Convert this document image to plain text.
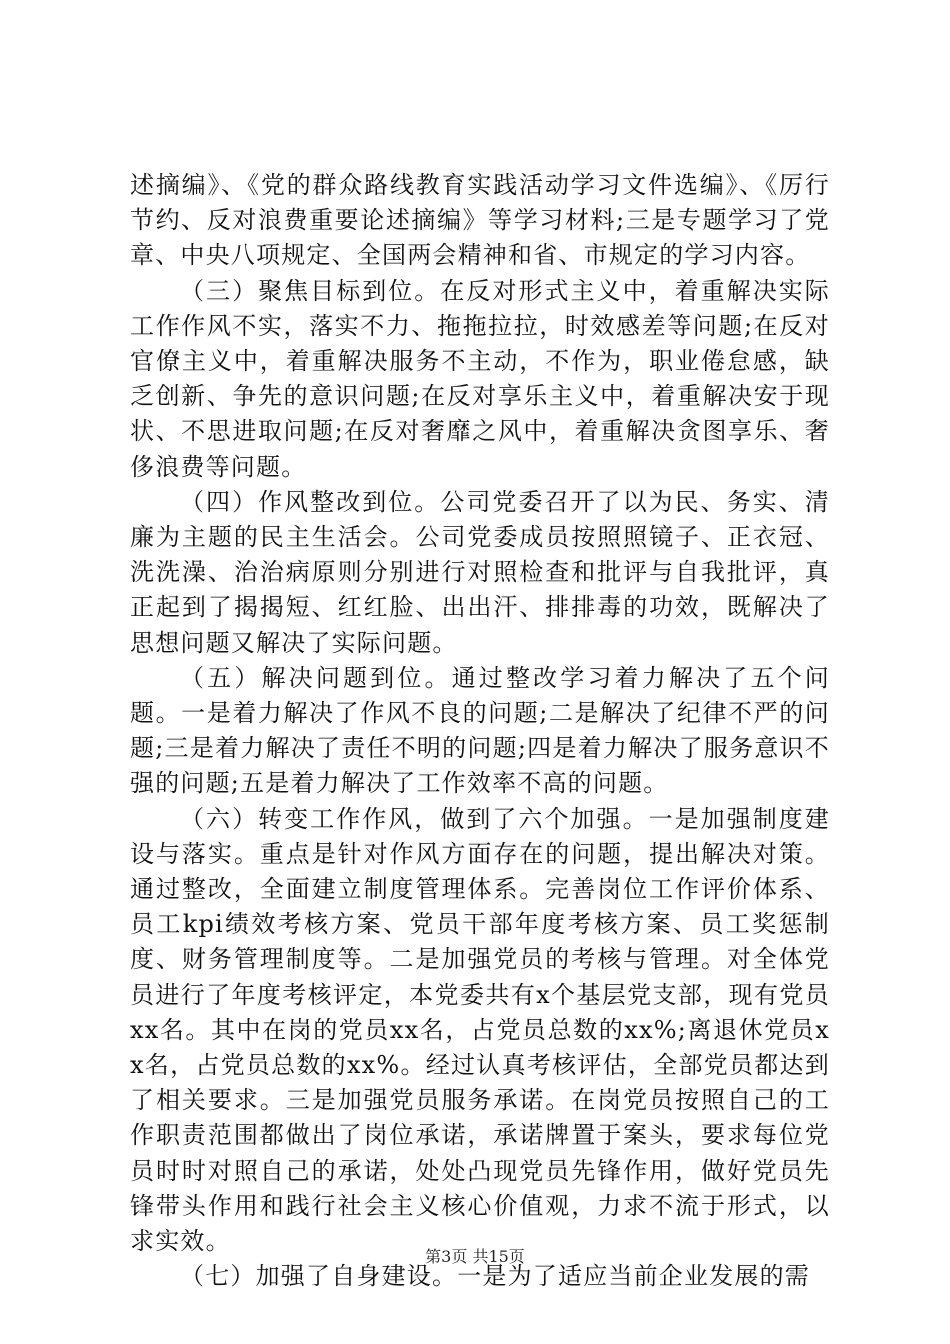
述摘编》、《党的群众路线教育实践活动学习文件选编》、《厉行节约、反对浪费重要论述摘编》等学习材料;三是专题学习了党章、中央八项规定、全国两会精神和省、市规定的学习内容。

（三）聚焦目标到位。在反对形式主义中，着重解决实际工作作风不实，落实不力、拖拖拉拉，时效感差等问题;在反对官僚主义中，着重解决服务不主动，不作为，职业倦怠感，缺乏创新、争先的意识问题;在反对享乐主义中，着重解决安于现状、不思进取问题;在反对奢靡之风中，着重解决贪图享乐、奢侈浪费等问题。

（四）作风整改到位。公司党委召开了以为民、务实、清廉为主题的民主生活会。公司党委成员按照照镜子、正衣冠、洗洗澡、治治病原则分别进行对照检查和批评与自我批评，真正起到了揭揭短、红红脸、出出汗、排排毒的功效，既解决了思想问题又解决了实际问题。

（五）解决问题到位。通过整改学习着力解决了五个问题。一是着力解决了作风不良的问题;二是解决了纪律不严的问题;三是着力解决了责任不明的问题;四是着力解决了服务意识不强的问题;五是着力解决了工作效率不高的问题。

（六）转变工作作风，做到了六个加强。一是加强制度建设与落实。重点是针对作风方面存在的问题，提出解决对策。通过整改，全面建立制度管理体系。完善岗位工作评价体系、员工kpi绩效考核方案、党员干部年度考核方案、员工奖惩制度、财务管理制度等。二是加强党员的考核与管理。对全体党员进行了年度考核评定，本党委共有x个基层党支部，现有党员xx名。其中在岗的党员xx名，占党员总数的xx%;离退休党员xx名，占党员总数的xx%。经过认真考核评估，全部党员都达到了相关要求。三是加强党员服务承诺。在岗党员按照自己的工作职责范围都做出了岗位承诺，承诺牌置于案头，要求每位党员时时对照自己的承诺，处处凸现党员先锋作用，做好党员先锋带头作用和践行社会主义核心价值观，力求不流于形式，以求实效。

（七）加强了自身建设。一是为了适应当前企业发展的需

第3页 共15页
